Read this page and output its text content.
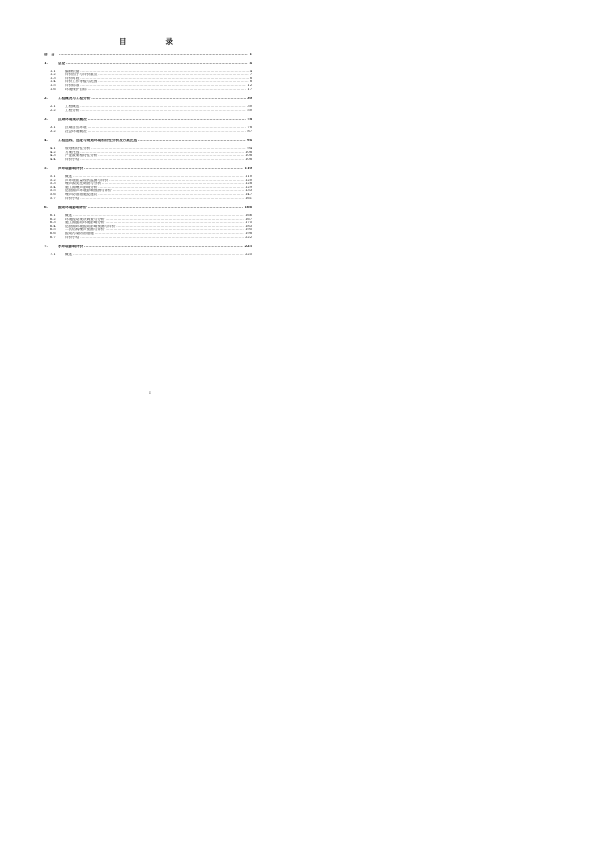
目　　录
前　言 .....	1
1.	总论 .....	4
1.1	编制依据 .....	4
1.2	评价因子与评价重点 .....	7
1.3	评价时段 .....	8
1.4	评价工作等级与范围 .....	8
1.5	评价标准 .....	12
1.6	环境保护目标 .....	17
2.	工程概况与工程分析 .....	30
2.1	工程概述 .....	30
2.2	工程分析 .....	50
3.	区域环境现状概况 .....	78
3.1	区域自然环境 .....	78
3.2	社会环境概况 .....	87
4.	工程选线、选址与规划环境相符性分析及方案比选 .....	94
4.1	规划相符性分析 .....	94
4.2	方案比选 .....	108
4.3	产业政策相符性分析 .....	108
4.4	评价小结 .....	108
5.	声环境影响评价 .....	110
5.1	概述 .....	110
5.2	声环境质量现状监测与评价 .....	120
5.3	噪声源类比调查与分析 .....	128
5.4	施工期噪声影响分析 .....	129
5.5	运营期声环境影响预测与评价 .....	133
5.6	噪声防治措施及建议 .....	147
5.7	评价小结 .....	161
6.	振动环境影响评价 .....	166
6.1	概述 .....	166
6.2	环境振动现状调查与分析 .....	167
6.3	施工期振动环境影响分析 .....	175
6.4	运营期环境振动影响预测与评价 .....	183
6.5	二次结构噪声预测与评价 .....	195
6.6	振动污染防治措施 .....	198
6.7	评价小结 .....	222
7.	水环境影响评价 .....	225
7.1	概述 .....	225
I
